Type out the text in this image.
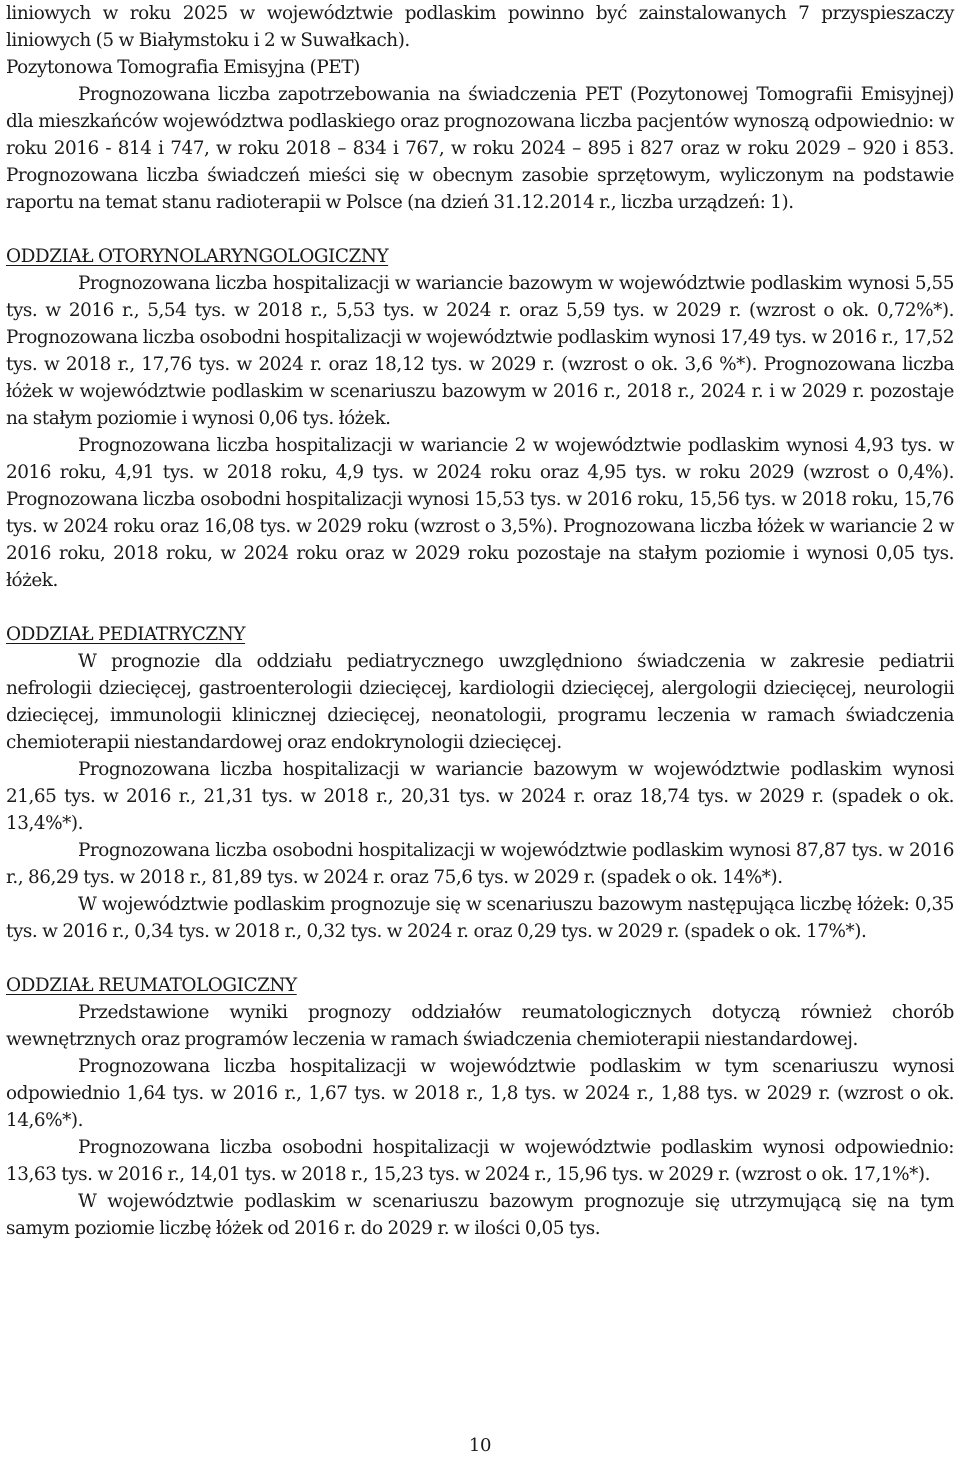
liniowych w roku 2025 w województwie podlaskim powinno być zainstalowanych 7 przyspieszaczy liniowych (5 w Białymstoku i 2 w Suwałkach).

Pozytonowa Tomografia Emisyjna (PET)

Prognozowana liczba zapotrzebowania na świadczenia PET (Pozytonowej Tomografii Emisyjnej) dla mieszkańców województwa podlaskiego oraz prognozowana liczba pacjentów wynoszą odpowiednio: w roku 2016 - 814 i 747, w roku 2018 – 834 i 767, w roku 2024 – 895 i 827 oraz w roku 2029 – 920 i 853. Prognozowana liczba świadczeń mieści się w obecnym zasobie sprzętowym, wyliczonym na podstawie raportu na temat stanu radioterapii w Polsce (na dzień 31.12.2014 r., liczba urządzeń: 1).

ODDZIAŁ OTORYNOLARYNGOLOGICZNY

Prognozowana liczba hospitalizacji w wariancie bazowym w województwie podlaskim wynosi 5,55 tys. w 2016 r., 5,54 tys. w 2018 r., 5,53 tys. w 2024 r. oraz 5,59 tys. w 2029 r. (wzrost o ok. 0,72%*). Prognozowana liczba osobodni hospitalizacji w województwie podlaskim wynosi 17,49 tys. w 2016 r., 17,52 tys. w 2018 r., 17,76 tys. w 2024 r. oraz 18,12 tys. w 2029 r. (wzrost o ok. 3,6 %*). Prognozowana liczba łóżek w województwie podlaskim w scenariuszu bazowym w 2016 r., 2018 r., 2024 r. i w 2029 r. pozostaje na stałym poziomie i wynosi 0,06 tys. łóżek.

Prognozowana liczba hospitalizacji w wariancie 2 w województwie podlaskim wynosi 4,93 tys. w 2016 roku, 4,91 tys. w 2018 roku, 4,9 tys. w 2024 roku oraz 4,95 tys. w roku 2029 (wzrost o 0,4%). Prognozowana liczba osobodni hospitalizacji wynosi 15,53 tys. w 2016 roku, 15,56 tys. w 2018 roku, 15,76 tys. w 2024 roku oraz 16,08 tys. w 2029 roku (wzrost o 3,5%). Prognozowana liczba łóżek w wariancie 2 w 2016 roku, 2018 roku, w 2024 roku oraz w 2029 roku pozostaje na stałym poziomie i wynosi 0,05 tys. łóżek.

ODDZIAŁ PEDIATRYCZNY

W prognozie dla oddziału pediatrycznego uwzględniono świadczenia w zakresie pediatrii nefrologii dziecięcej, gastroenterologii dziecięcej, kardiologii dziecięcej, alergologii dziecięcej, neurologii dziecięcej, immunologii klinicznej dziecięcej, neonatologii, programu leczenia w ramach świadczenia chemioterapii niestandardowej oraz endokrynologii dziecięcej.

Prognozowana liczba hospitalizacji w wariancie bazowym w województwie podlaskim wynosi 21,65 tys. w 2016 r., 21,31 tys. w 2018 r., 20,31 tys. w 2024 r. oraz 18,74 tys. w 2029 r. (spadek o ok. 13,4%*).

Prognozowana liczba osobodni hospitalizacji w województwie podlaskim wynosi 87,87 tys. w 2016 r., 86,29 tys. w 2018 r., 81,89 tys. w 2024 r. oraz 75,6 tys. w 2029 r. (spadek o ok. 14%*).

W województwie podlaskim prognozuje się w scenariuszu bazowym następująca liczbę łóżek: 0,35 tys. w 2016 r., 0,34 tys. w 2018 r., 0,32 tys. w 2024 r. oraz 0,29 tys. w 2029 r. (spadek o ok. 17%*).

ODDZIAŁ REUMATOLOGICZNY

Przedstawione wyniki prognozy oddziałów reumatologicznych dotyczą również chorób wewnętrznych oraz programów leczenia w ramach świadczenia chemioterapii niestandardowej.

Prognozowana liczba hospitalizacji w województwie podlaskim w tym scenariuszu wynosi odpowiednio 1,64 tys. w 2016 r., 1,67 tys. w 2018 r., 1,8 tys. w 2024 r., 1,88 tys. w 2029 r. (wzrost o ok. 14,6%*).

Prognozowana liczba osobodni hospitalizacji w województwie podlaskim wynosi odpowiednio: 13,63 tys. w 2016 r., 14,01 tys. w 2018 r., 15,23 tys. w 2024 r., 15,96 tys. w 2029 r. (wzrost o ok. 17,1%*).

W województwie podlaskim w scenariuszu bazowym prognozuje się utrzymującą się na tym samym poziomie liczbę łóżek od 2016 r. do 2029 r. w ilości 0,05 tys.

10
